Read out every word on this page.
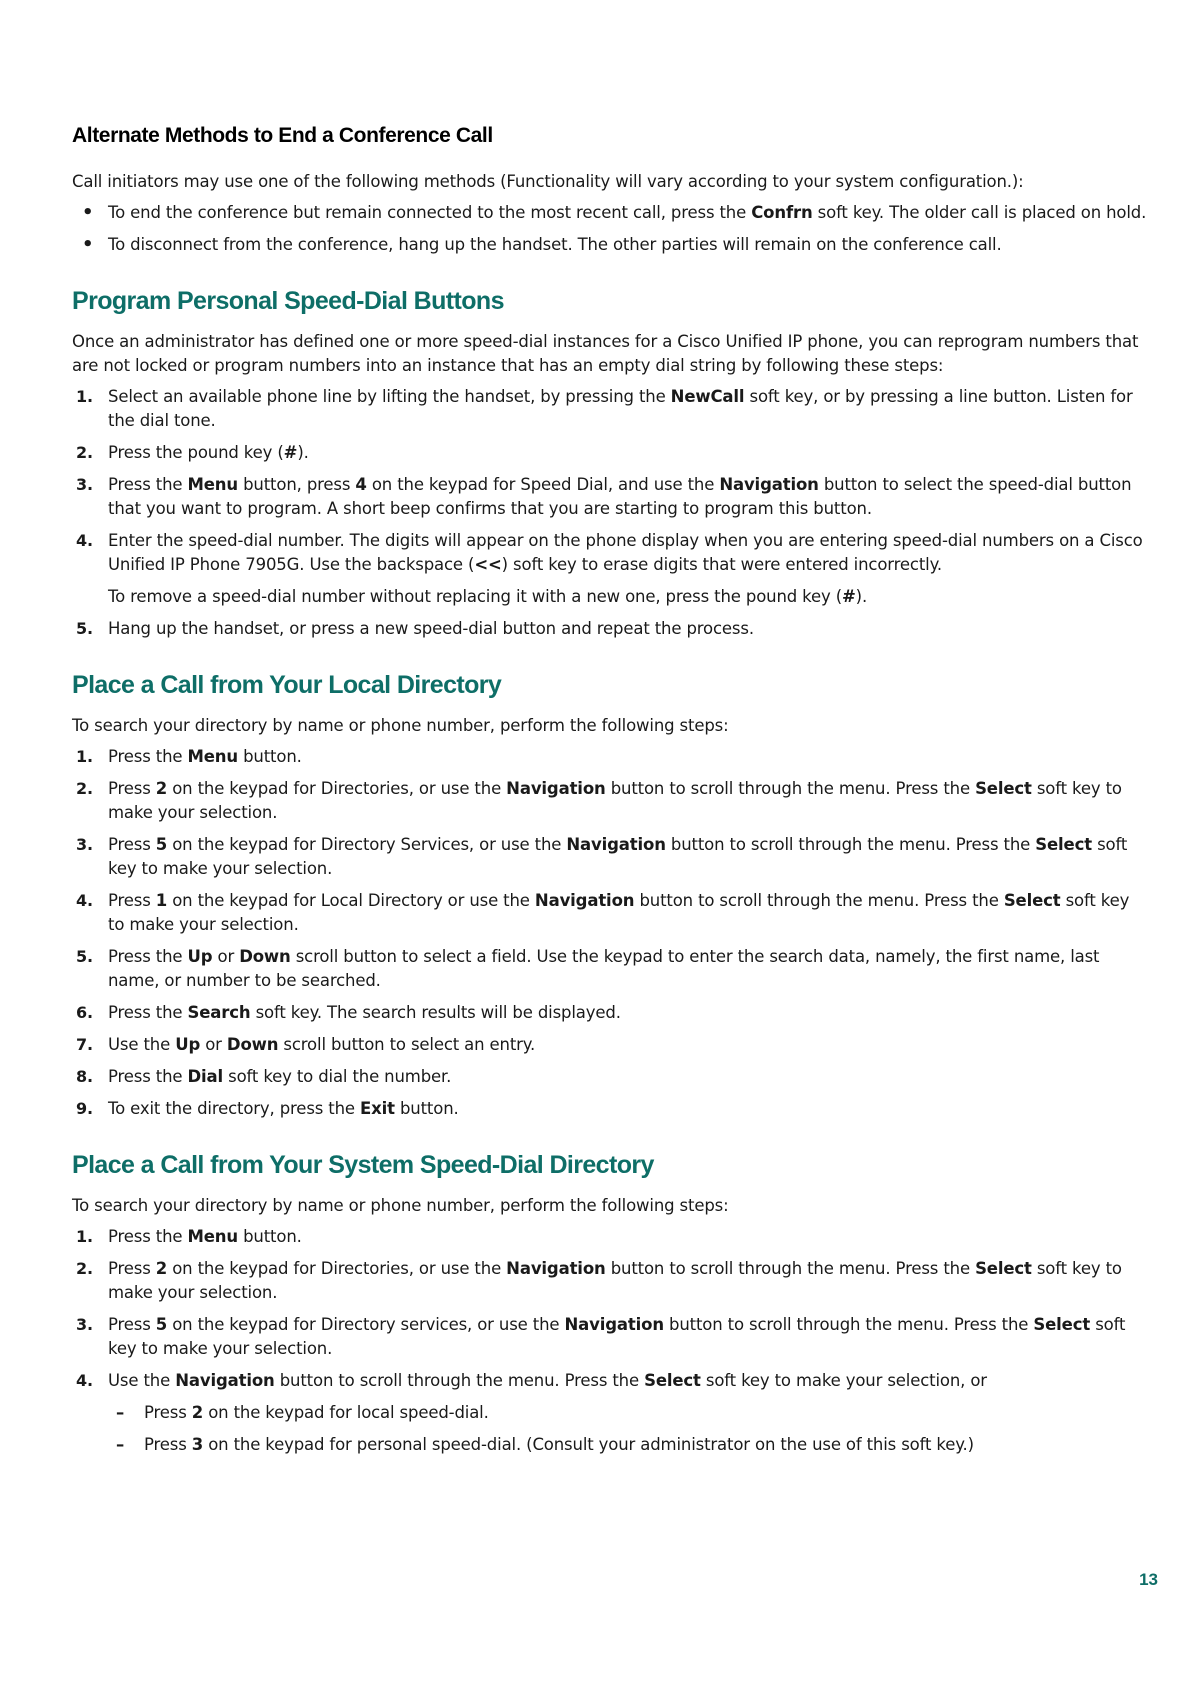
Alternate Methods to End a Conference Call

Call initiators may use one of the following methods (Functionality will vary according to your system configuration.):

• To end the conference but remain connected to the most recent call, press the Confrn soft key. The older call is placed on hold.
• To disconnect from the conference, hang up the handset. The other parties will remain on the conference call.
Program Personal Speed-Dial Buttons

Once an administrator has defined one or more speed-dial instances for a Cisco Unified IP phone, you can reprogram numbers that are not locked or program numbers into an instance that has an empty dial string by following these steps:

1. Select an available phone line by lifting the handset, by pressing the NewCall soft key, or by pressing a line button. Listen for the dial tone.
2. Press the pound key (#).
3. Press the Menu button, press 4 on the keypad for Speed Dial, and use the Navigation button to select the speed-dial button that you want to program. A short beep confirms that you are starting to program this button.
4. Enter the speed-dial number. The digits will appear on the phone display when you are entering speed-dial numbers on a Cisco Unified IP Phone 7905G. Use the backspace (<<) soft key to erase digits that were entered incorrectly.
To remove a speed-dial number without replacing it with a new one, press the pound key (#).
5. Hang up the handset, or press a new speed-dial button and repeat the process.
Place a Call from Your Local Directory

To search your directory by name or phone number, perform the following steps:

1. Press the Menu button.
2. Press 2 on the keypad for Directories, or use the Navigation button to scroll through the menu. Press the Select soft key to make your selection.
3. Press 5 on the keypad for Directory Services, or use the Navigation button to scroll through the menu. Press the Select soft key to make your selection.
4. Press 1 on the keypad for Local Directory or use the Navigation button to scroll through the menu. Press the Select soft key to make your selection.
5. Press the Up or Down scroll button to select a field. Use the keypad to enter the search data, namely, the first name, last name, or number to be searched.
6. Press the Search soft key. The search results will be displayed.
7. Use the Up or Down scroll button to select an entry.
8. Press the Dial soft key to dial the number.
9. To exit the directory, press the Exit button.
Place a Call from Your System Speed-Dial Directory

To search your directory by name or phone number, perform the following steps:

1. Press the Menu button.
2. Press 2 on the keypad for Directories, or use the Navigation button to scroll through the menu. Press the Select soft key to make your selection.
3. Press 5 on the keypad for Directory services, or use the Navigation button to scroll through the menu. Press the Select soft key to make your selection.
4. Use the Navigation button to scroll through the menu. Press the Select soft key to make your selection, or
– Press 2 on the keypad for local speed-dial.
– Press 3 on the keypad for personal speed-dial. (Consult your administrator on the use of this soft key.)
13
